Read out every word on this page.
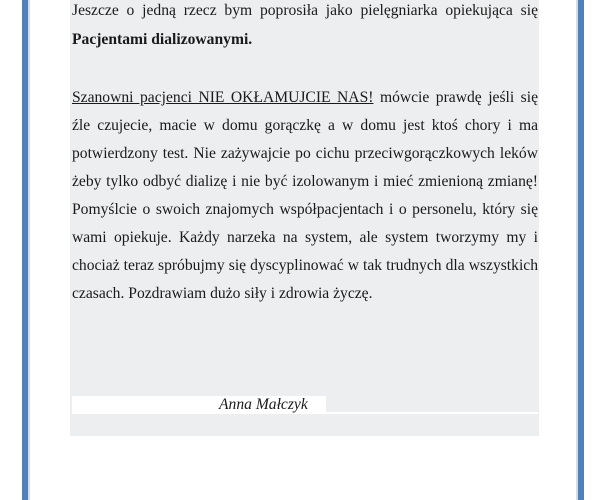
Jeszcze o jedną rzecz bym poprosiła jako pielęgniarka opiekująca się
Pacjentami dializowanymi.
Szanowni pacjenci NIE OKŁAMUJCIE NAS! mówcie prawdę jeśli się źle czujecie, macie w domu gorączkę a w domu jest ktoś chory i ma potwierdzony test. Nie zażywajcie po cichu przeciwgorączkowych leków żeby tylko odbyć dializę i nie być izolowanym i mieć zmienioną zmianę! Pomyślcie o swoich znajomych współpacjentach i o personelu, który się wami opiekuje. Każdy narzeka na system, ale system tworzymy my i chociaż teraz spróbujmy się dyscyplinować w tak trudnych dla wszystkich czasach. Pozdrawiam dużo siły i zdrowia życzę.
Anna Małczyk
